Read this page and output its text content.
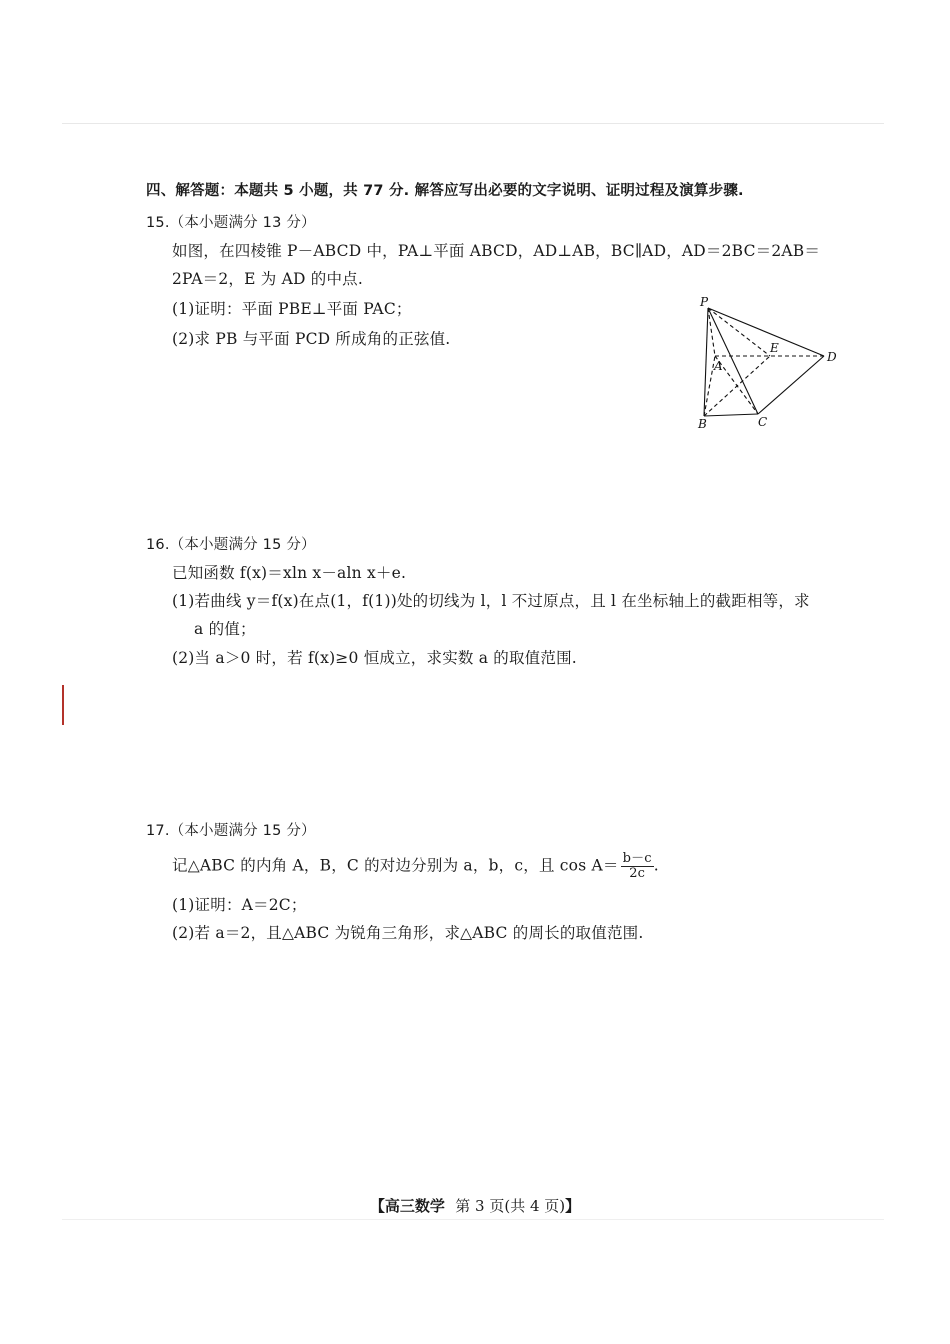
四、解答题：本题共 5 小题，共 77 分. 解答应写出必要的文字说明、证明过程及演算步骤.
15.（本小题满分 13 分）
如图，在四棱锥 P－ABCD 中，PA⊥平面 ABCD，AD⊥AB，BC∥AD，AD＝2BC＝2AB＝
2PA＝2，E 为 AD 的中点.
(1)证明：平面 PBE⊥平面 PAC；
(2)求 PB 与平面 PCD 所成角的正弦值.
P
A
B	C
D
E
16.（本小题满分 15 分）
已知函数 f(x)＝xln x－aln x＋e.
(1)若曲线 y＝f(x)在点(1，f(1))处的切线为 l，l 不过原点，且 l 在坐标轴上的截距相等，求
a 的值；
(2)当 a＞0 时，若 f(x)≥0 恒成立，求实数 a 的取值范围.
17.（本小题满分 15 分）
记△ABC 的内角 A，B，C 的对边分别为 a，b，c，且 $\cos A= \frac{b-c}{2c}$ .
(1)证明：A＝2C；
(2)若 a＝2，且△ABC 为锐角三角形，求△ABC 的周长的取值范围.
【高三数学 第 3 页(共 4 页)】
